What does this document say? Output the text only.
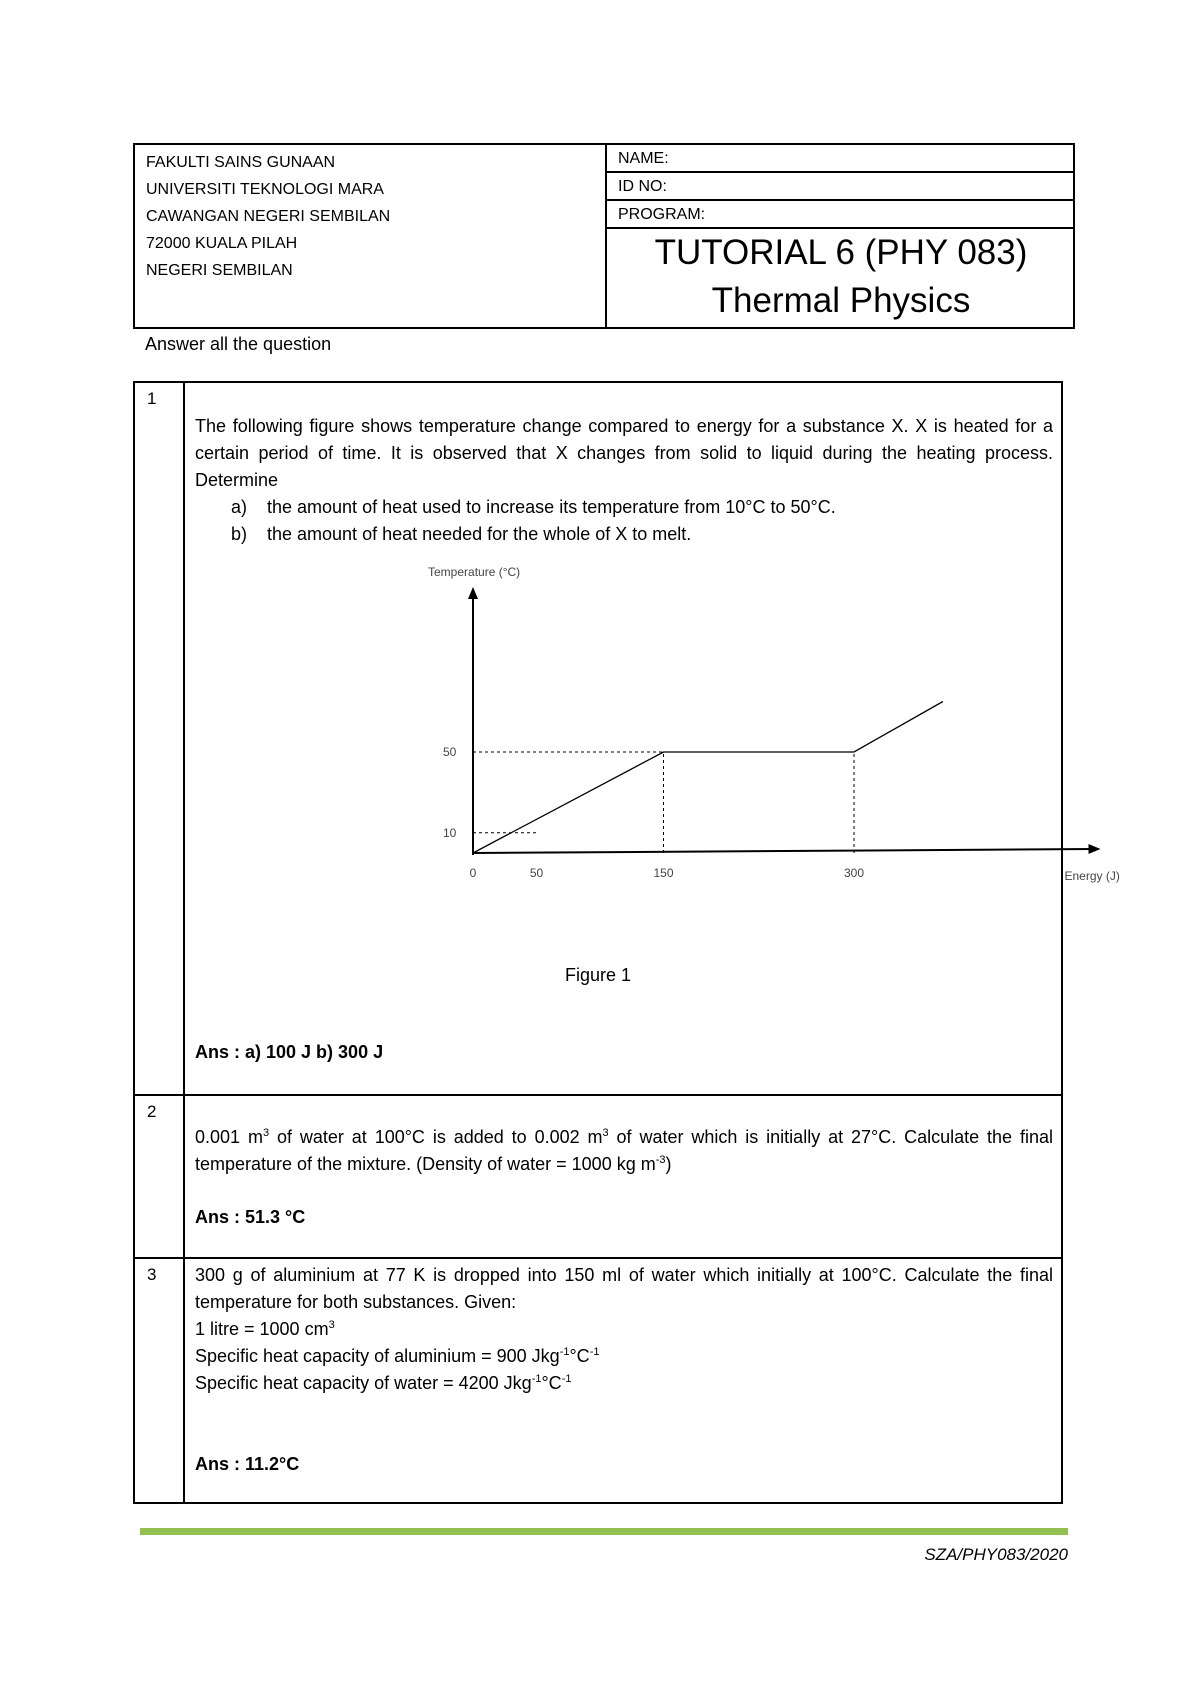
FAKULTI SAINS GUNAAN
UNIVERSITI TEKNOLOGI MARA
CAWANGAN NEGERI SEMBILAN
72000 KUALA PILAH
NEGERI SEMBILAN
NAME:
ID NO:
PROGRAM:
TUTORIAL 6 (PHY 083)
Thermal Physics
Answer all the question
1
The following figure shows temperature change compared to energy for a substance X. X is heated for a certain period of time. It is observed that X changes from solid to liquid during the heating process. Determine
a) the amount of heat used to increase its temperature from 10°C to 50°C.
b) the amount of heat needed for the whole of X to melt.
0	50	150	300
10
50
Temperature (°C)
Energy (J)
Figure 1
Ans : a) 100 J b) 300 J
2
0.001 $m^3$ of water at 100°C is added to 0.002 $m^3$ of water which is initially at 27°C. Calculate the final temperature of the mixture. (Density of water = 1000 kg $m^{-3}$)
Ans : 51.3 °C
3	300 g of aluminium at 77 K is dropped into 150 ml of water which initially at 100°C. Calculate the final temperature for both substances. Given:
1 litre = 1000 $cm^3$
Specific heat capacity of aluminium = 900 $Jkg^{-1}^\circ C^{-1}$
Specific heat capacity of water = 4200 $Jkg^{-1}^\circ C^{-1}$
Ans : 11.2°C
SZA/PHY083/2020
